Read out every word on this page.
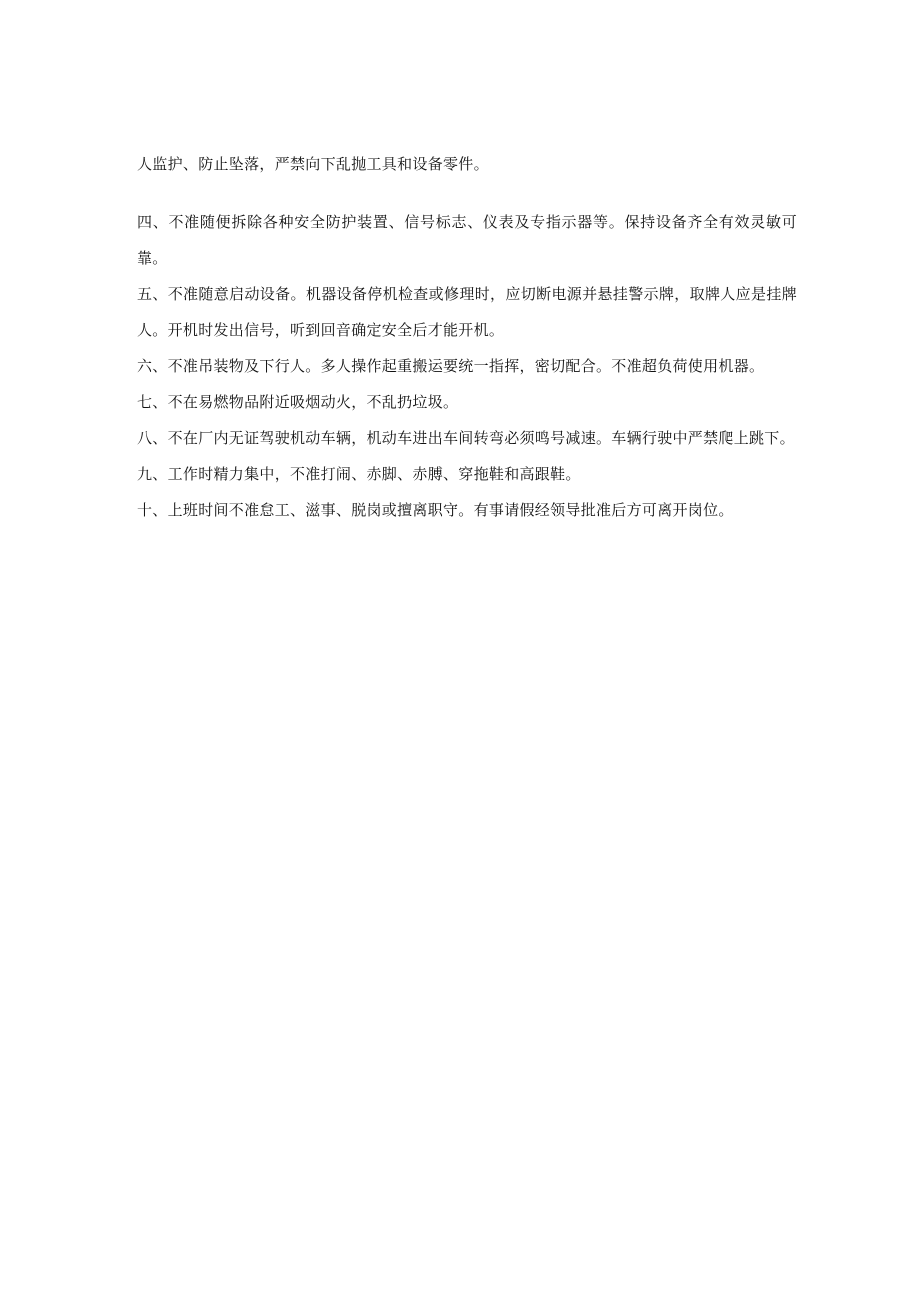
人监护、防止坠落，严禁向下乱抛工具和设备零件。

四、不准随便拆除各种安全防护装置、信号标志、仪表及专指示器等。保持设备齐全有效灵敏可靠。

五、不准随意启动设备。机器设备停机检查或修理时，应切断电源并悬挂警示牌，取牌人应是挂牌人。开机时发出信号，听到回音确定安全后才能开机。

六、不准吊装物及下行人。多人操作起重搬运要统一指挥，密切配合。不准超负荷使用机器。

七、不在易燃物品附近吸烟动火，不乱扔垃圾。

八、不在厂内无证驾驶机动车辆，机动车进出车间转弯必须鸣号减速。车辆行驶中严禁爬上跳下。

九、工作时精力集中，不准打闹、赤脚、赤膊、穿拖鞋和高跟鞋。

十、上班时间不准怠工、滋事、脱岗或擅离职守。有事请假经领导批准后方可离开岗位。
